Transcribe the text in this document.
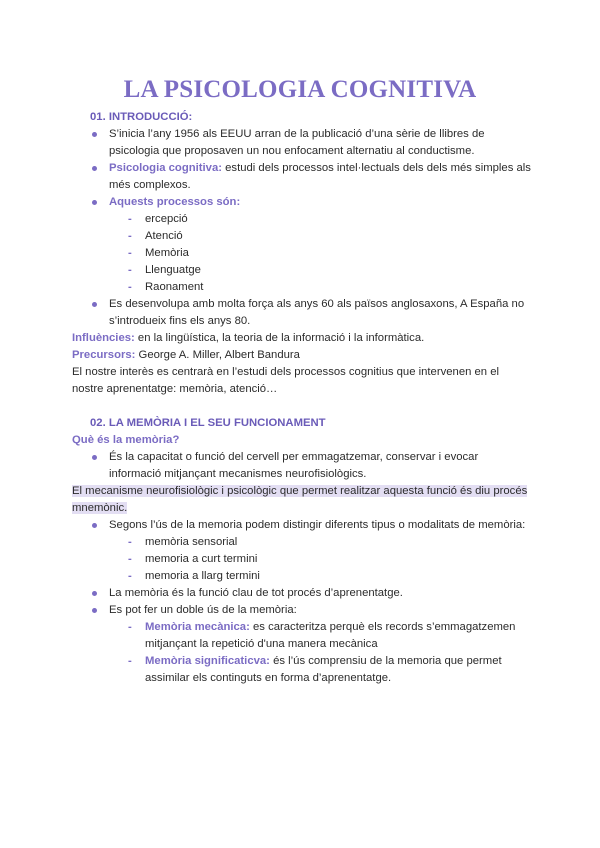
LA PSICOLOGIA COGNITIVA
01. INTRODUCCIÓ:
S’inicia l’any 1956 als EEUU arran de la publicació d’una sèrie de llibres de psicologia que proposaven un nou enfocament alternatiu al conductisme.
Psicologia cognitiva: estudi dels processos intel·lectuals dels dels més simples als més complexos.
Aquests processos són:
- ercepció
- Atenció
- Memòria
- Llenguatge
- Raonament
Es desenvolupa amb molta força als anys 60 als països anglosaxons, A España no s’introdueix fins els anys 80.
Influències: en la lingüística, la teoria de la informació i la informàtica.
Precursors: George A. Miller, Albert Bandura
El nostre interès es centrarà en l’estudi dels processos cognitius que intervenen en el nostre aprenentatge: memòria, atenció…
02. LA MEMÒRIA I EL SEU FUNCIONAMENT
Què és la memòria?
És la capacitat o funció del cervell per emmagatzemar, conservar i evocar informació mitjançant mecanismes neurofisiològics.
El mecanisme neurofisiològic i psicològic que permet realitzar aquesta funció és diu procés mnemònic.
Segons l’ús de la memoria podem distingir diferents tipus o modalitats de memòria:
- memòria sensorial
- memoria a curt termini
- memoria a llarg termini
La memòria és la funció clau de tot procés d’aprenentatge.
Es pot fer un doble ús de la memòria:
- Memòria mecànica: es caracteritza perquè els records s’emmagatzemen mitjançant la repetició d'una manera mecànica
- Memòria significaticva: és l’ús comprensiu de la memoria que permet assimilar els continguts en forma d’aprenentatge.
